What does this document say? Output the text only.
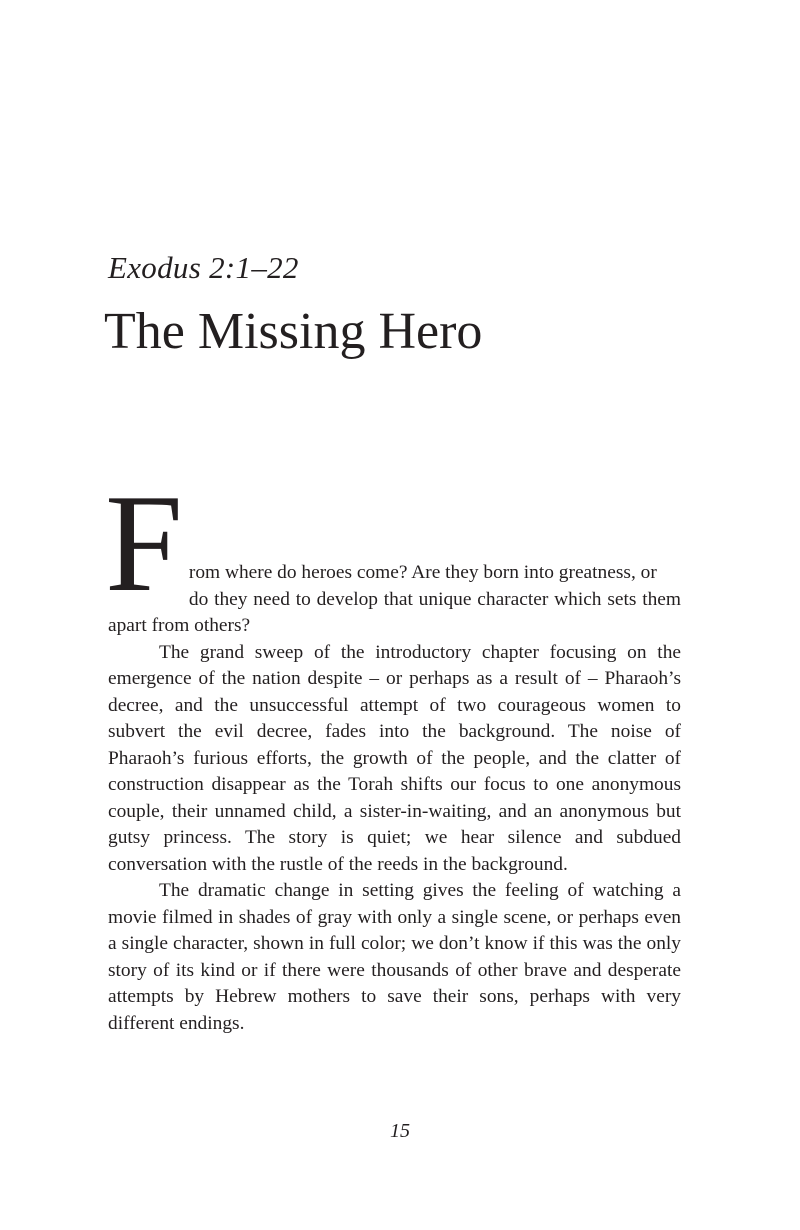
Exodus 2:1–22
The Missing Hero

F rom where do heroes come? Are they born into greatness, or
do they need to develop that unique character which sets them apart from others?

The grand sweep of the introductory chapter focusing on the emergence of the nation despite – or perhaps as a result of – Pharaoh’s decree, and the unsuccessful attempt of two courageous women to subvert the evil decree, fades into the background. The noise of Pharaoh’s furious efforts, the growth of the people, and the clatter of construction disappear as the Torah shifts our focus to one anonymous couple, their unnamed child, a sister-in-waiting, and an anonymous but gutsy princess. The story is quiet; we hear silence and subdued conversation with the rustle of the reeds in the background.

The dramatic change in setting gives the feeling of watching a movie filmed in shades of gray with only a single scene, or perhaps even a single character, shown in full color; we don’t know if this was the only story of its kind or if there were thousands of other brave and desperate attempts by Hebrew mothers to save their sons, perhaps with very different endings.

15
